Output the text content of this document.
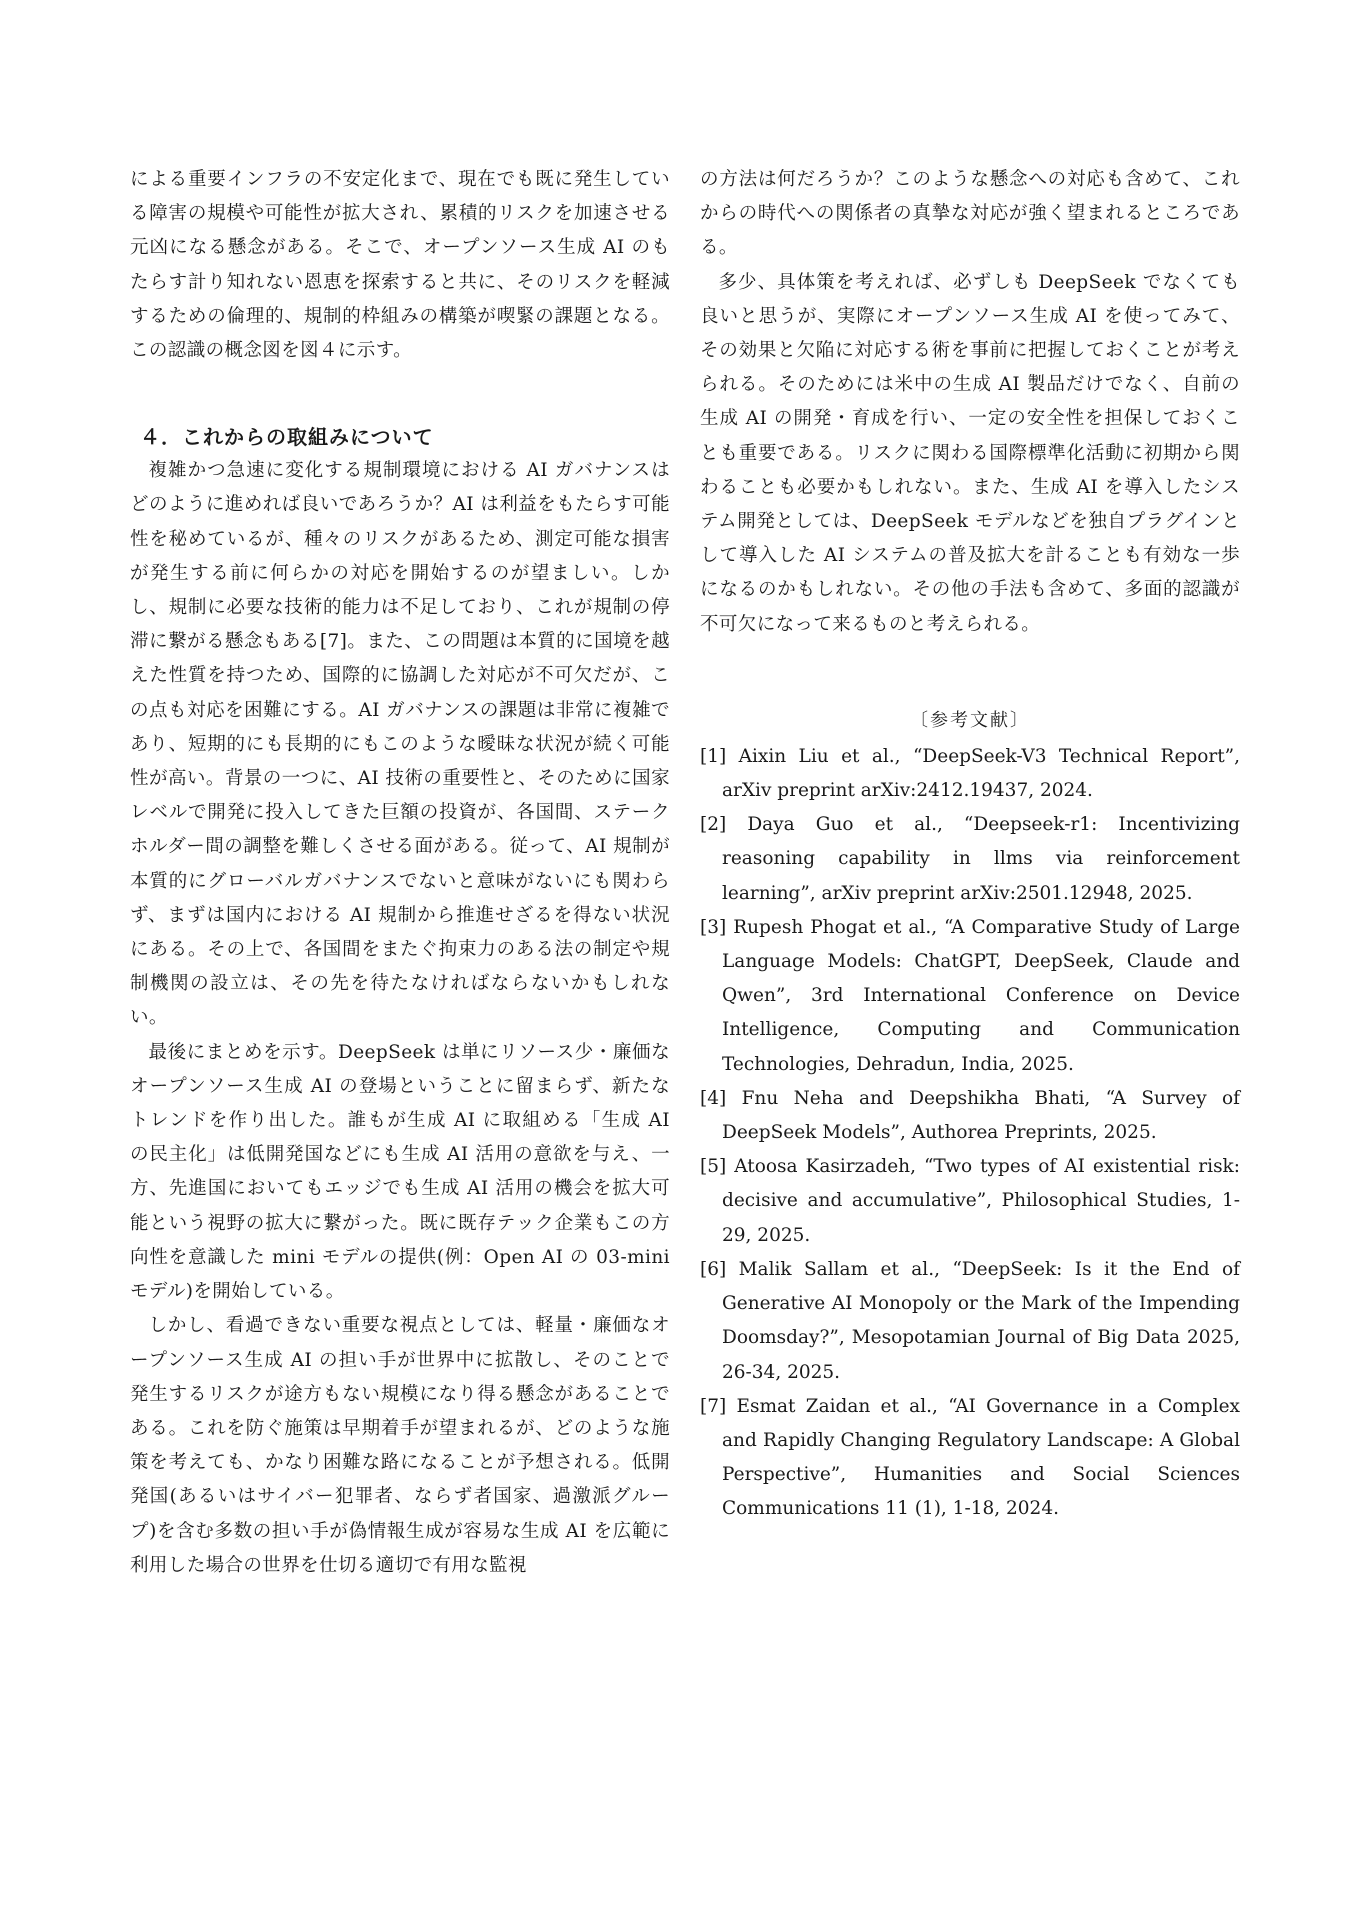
による重要インフラの不安定化まで、現在でも既に発生している障害の規模や可能性が拡大され、累積的リスクを加速させる元凶になる懸念がある。そこで、オープンソース生成 AI のもたらす計り知れない恩恵を探索すると共に、そのリスクを軽減するための倫理的、規制的枠組みの構築が喫緊の課題となる。この認識の概念図を図４に示す。

４．これからの取組みについて

複雑かつ急速に変化する規制環境における AI ガバナンスはどのように進めれば良いであろうか？AI は利益をもたらす可能性を秘めているが、種々のリスクがあるため、測定可能な損害が発生する前に何らかの対応を開始するのが望ましい。しかし、規制に必要な技術的能力は不足しており、これが規制の停滞に繋がる懸念もある[7]。また、この問題は本質的に国境を越えた性質を持つため、国際的に協調した対応が不可欠だが、この点も対応を困難にする。AI ガバナンスの課題は非常に複雑であり、短期的にも長期的にもこのような曖昧な状況が続く可能性が高い。背景の一つに、AI 技術の重要性と、そのために国家レベルで開発に投入してきた巨額の投資が、各国間、ステークホルダー間の調整を難しくさせる面がある。従って、AI 規制が本質的にグローバルガバナンスでないと意味がないにも関わらず、まずは国内における AI 規制から推進せざるを得ない状況にある。その上で、各国間をまたぐ拘束力のある法の制定や規制機関の設立は、その先を待たなければならないかもしれない。

最後にまとめを示す。DeepSeek は単にリソース少・廉価なオープンソース生成 AI の登場ということに留まらず、新たなトレンドを作り出した。誰もが生成 AI に取組める「生成 AI の民主化」は低開発国などにも生成 AI 活用の意欲を与え、一方、先進国においてもエッジでも生成 AI 活用の機会を拡大可能という視野の拡大に繋がった。既に既存テック企業もこの方向性を意識した mini モデルの提供(例：Open AI の 03-mini モデル)を開始している。

しかし、看過できない重要な視点としては、軽量・廉価なオープンソース生成 AI の担い手が世界中に拡散し、そのことで発生するリスクが途方もない規模になり得る懸念があることである。これを防ぐ施策は早期着手が望まれるが、どのような施策を考えても、かなり困難な路になることが予想される。低開発国(あるいはサイバー犯罪者、ならず者国家、過激派グループ)を含む多数の担い手が偽情報生成が容易な生成 AI を広範に利用した場合の世界を仕切る適切で有用な監視

の方法は何だろうか？このような懸念への対応も含めて、これからの時代への関係者の真摯な対応が強く望まれるところである。

多少、具体策を考えれば、必ずしも DeepSeek でなくても良いと思うが、実際にオープンソース生成 AI を使ってみて、その効果と欠陥に対応する術を事前に把握しておくことが考えられる。そのためには米中の生成 AI 製品だけでなく、自前の生成 AI の開発・育成を行い、一定の安全性を担保しておくことも重要である。リスクに関わる国際標準化活動に初期から関わることも必要かもしれない。また、生成 AI を導入したシステム開発としては、DeepSeek モデルなどを独自プラグインとして導入した AI システムの普及拡大を計ることも有効な一歩になるのかもしれない。その他の手法も含めて、多面的認識が不可欠になって来るものと考えられる。

〔参考文献〕

[1] Aixin Liu et al., “DeepSeek-V3 Technical Report”, arXiv preprint arXiv:2412.19437, 2024.

[2] Daya Guo et al., “Deepseek-r1: Incentivizing reasoning capability in llms via reinforcement learning”, arXiv preprint arXiv:2501.12948, 2025.

[3] Rupesh Phogat et al., “A Comparative Study of Large Language Models: ChatGPT, DeepSeek, Claude and Qwen”, 3rd International Conference on Device Intelligence, Computing and Communication Technologies, Dehradun, India, 2025.

[4] Fnu Neha and Deepshikha Bhati, “A Survey of DeepSeek Models”, Authorea Preprints, 2025.

[5] Atoosa Kasirzadeh, “Two types of AI existential risk: decisive and accumulative”, Philosophical Studies, 1-29, 2025.

[6] Malik Sallam et al., “DeepSeek: Is it the End of Generative AI Monopoly or the Mark of the Impending Doomsday?”, Mesopotamian Journal of Big Data 2025, 26-34, 2025.

[7] Esmat Zaidan et al., “AI Governance in a Complex and Rapidly Changing Regulatory Landscape: A Global Perspective”, Humanities and Social Sciences Communications 11 (1), 1-18, 2024.
